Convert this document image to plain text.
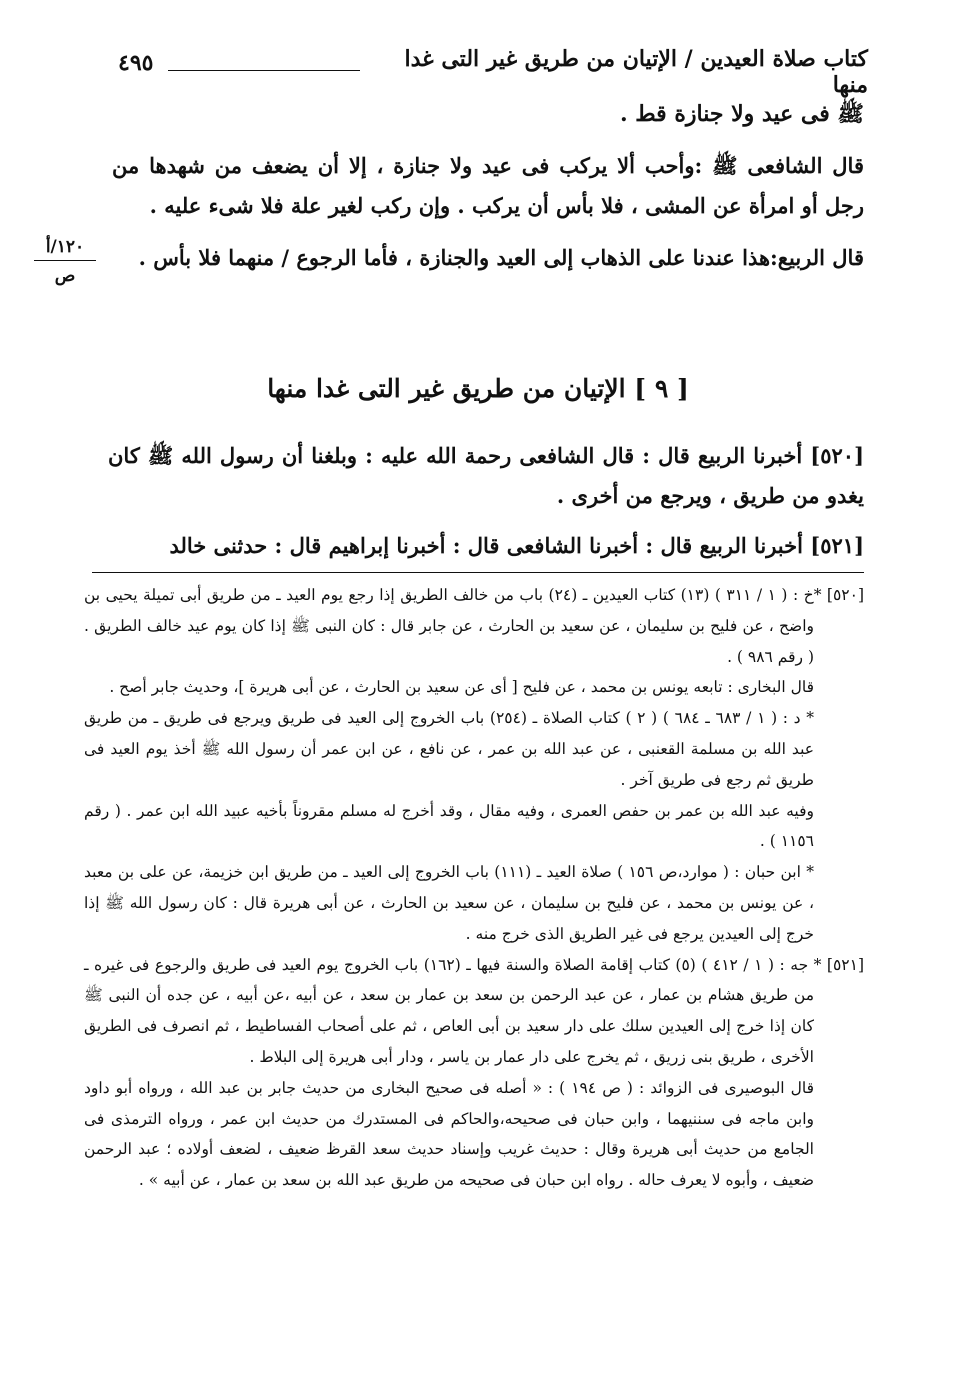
٤٩٥	كتاب صلاة العيدين / الإتيان من طريق غير التى غدا منها
ﷺ فى عيد ولا جنازة قط .
قال الشافعى ﷺ :وأحب ألا يركب فى عيد ولا جنازة ، إلا أن يضعف من شهدها من رجل أو امرأة عن المشى ، فلا بأس أن يركب . وإن ركب لغير علة فلا شىء عليه .
قال الربيع:هذا عندنا على الذهاب إلى العيد والجنازة ، فأما الرجوع / منهما فلا بأس .
١٢٠/أ
ص
[ ٩ ] الإتيان من طريق غير التى غدا منها
[٥٢٠] أخبرنا الربيع قال : قال الشافعى رحمة الله عليه : وبلغنا أن رسول الله ﷺ كان يغدو من طريق ، ويرجع من أخرى .
[٥٢١] أخبرنا الربيع قال : أخبرنا الشافعى قال : أخبرنا إبراهيم قال : حدثنى خالد

[٥٢٠] *خ : ( ١ / ٣١١ ) (١٣) كتاب العيدين ـ (٢٤) باب من خالف الطريق إذا رجع يوم العيد ـ من طريق أبى تميلة يحيى بن واضح ، عن فليح بن سليمان ، عن سعيد بن الحارث ، عن جابر قال : كان النبى ﷺ إذا كان يوم عيد خالف الطريق . ( رقم ٩٨٦ ) .

قال البخارى : تابعه يونس بن محمد ، عن فليح [ أى عن سعيد بن الحارث ، عن أبى هريرة ]، وحديث جابر أصح .

* د : ( ١ / ٦٨٣ ـ ٦٨٤ ) ( ٢ ) كتاب الصلاة ـ (٢٥٤) باب الخروج إلى العيد فى طريق ويرجع فى طريق ـ من طريق عبد الله بن مسلمة القعنبى ، عن عبد الله بن عمر ، عن نافع ، عن ابن عمر أن رسول الله ﷺ أخذ يوم العيد فى طريق ثم رجع فى طريق آخر .

وفيه عبد الله بن عمر بن حفص العمرى ، وفيه مقال ، وقد أخرج له مسلم مقروناً بأخيه عبيد الله ابن عمر . ( رقم ١١٥٦ ) .

* ابن حبان : ( موارد،ص ١٥٦ ) صلاة العيد ـ (١١١) باب الخروج إلى العيد ـ من طريق ابن خزيمة، عن على بن معبد ، عن يونس بن محمد ، عن فليح بن سليمان ، عن سعيد بن الحارث ، عن أبى هريرة قال : كان رسول الله ﷺ إذا خرج إلى العيدين يرجع فى غير الطريق الذى خرج منه .

[٥٢١] * جه : ( ١ / ٤١٢ ) (٥) كتاب إقامة الصلاة والسنة فيها ـ (١٦٢) باب الخروج يوم العيد فى طريق والرجوع فى غيره ـ من طريق هشام بن عمار ، عن عبد الرحمن بن سعد بن عمار بن سعد ، عن أبيه ،عن أبيه ، عن جده أن النبى ﷺ كان إذا خرج إلى العيدين سلك على دار سعيد بن أبى العاص ، ثم على أصحاب الفساطيط ، ثم انصرف فى الطريق الأخرى ، طريق بنى زريق ، ثم يخرج على دار عمار بن ياسر ، ودار أبى هريرة إلى البلاط .

قال البوصيرى فى الزوائد : ( ص ١٩٤ ) : « أصله فى صحيح البخارى من حديث جابر بن عبد الله ، ورواه أبو داود وابن ماجه فى سننيهما ، وابن حبان فى صحيحه،والحاكم فى المستدرك من حديث ابن عمر ، ورواه الترمذى فى الجامع من حديث أبى هريرة وقال : حديث غريب وإسناد حديث سعد القرظ ضعيف ، لضعف أولاده ؛ عبد الرحمن ضعيف ، وأبوه لا يعرف حاله . رواه ابن حبان فى صحيحه من طريق عبد الله بن سعد بن عمار ، عن أبيه » .
